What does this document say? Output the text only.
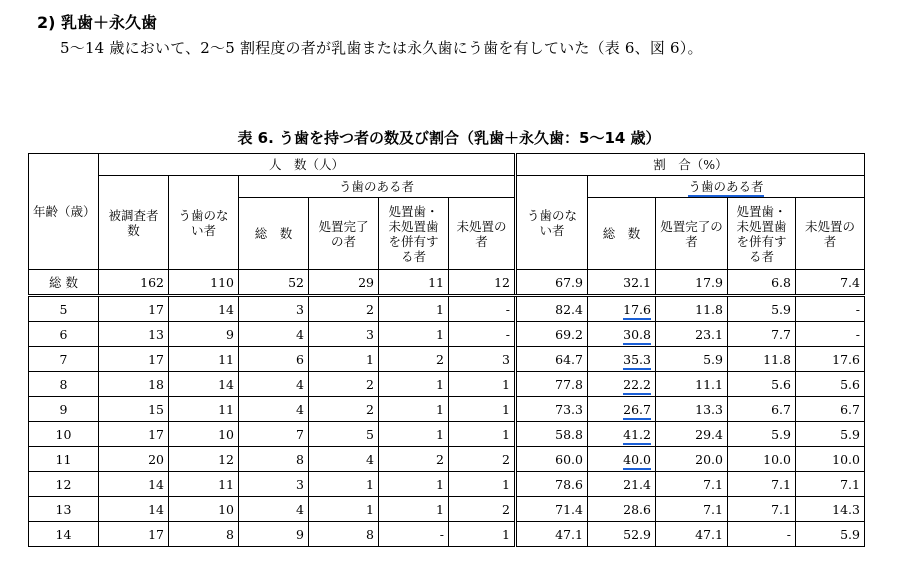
2) 乳歯＋永久歯
5～14 歳において、2～5 割程度の者が乳歯または永久歯にう歯を有していた（表 6、図 6）。
表 6. う歯を持つ者の数及び割合（乳歯＋永久歯：5～14 歳）
年齢（歳）	人　数（人）						割　合（%）				
	被調査者数	う歯のない者	う歯のある者				う歯のない者	う歯のある者			
			総　数	処置完了の者	処置歯・未処置歯を併有する者	未処置の者		総　数	処置完了の者	処置歯・未処置歯を併有する者	未処置の者
総 数	162	110	52	29	11	12	67.9	32.1	17.9	6.8	7.4
5	17	14	3	2	1	-	82.4	17.6	11.8	5.9	-
6	13	9	4	3	1	-	69.2	30.8	23.1	7.7	-
7	17	11	6	1	2	3	64.7	35.3	5.9	11.8	17.6
8	18	14	4	2	1	1	77.8	22.2	11.1	5.6	5.6
9	15	11	4	2	1	1	73.3	26.7	13.3	6.7	6.7
10	17	10	7	5	1	1	58.8	41.2	29.4	5.9	5.9
11	20	12	8	4	2	2	60.0	40.0	20.0	10.0	10.0
12	14	11	3	1	1	1	78.6	21.4	7.1	7.1	7.1
13	14	10	4	1	1	2	71.4	28.6	7.1	7.1	14.3
14	17	8	9	8	-	1	47.1	52.9	47.1	-	5.9
